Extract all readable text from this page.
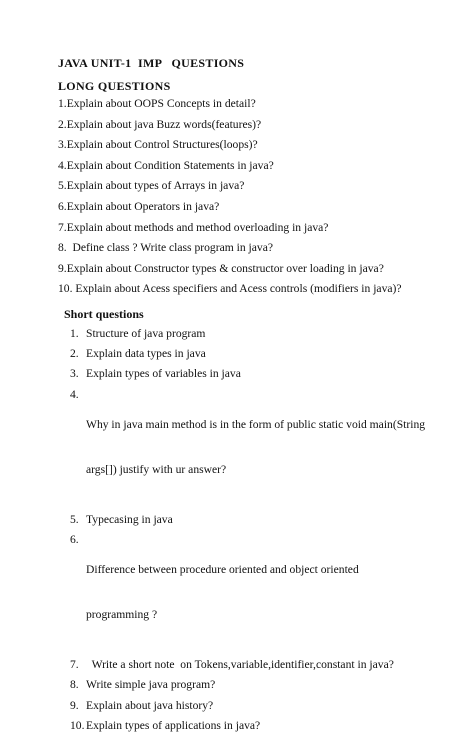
JAVA UNIT-1  IMP   QUESTIONS
LONG QUESTIONS
1.Explain about OOPS Concepts in detail?
2.Explain about java Buzz words(features)?
3.Explain about Control Structures(loops)?
4.Explain about Condition Statements in java?
5.Explain about types of Arrays in java?
6.Explain about Operators in java?
7.Explain about methods and method overloading in java?
8.  Define class ? Write class program in java?
9.Explain about Constructor types & constructor over loading in java?
10. Explain about Acess specifiers and Acess controls (modifiers in java)?
Short questions
1. Structure of java program
2. Explain data types in java
3. Explain types of variables in java
4.

Why in java main method is in the form of public static void main(String

args[]) justify with ur answer?

5. Typecasing in java
6.

Difference between procedure oriented and object oriented

programming ?

7. Write a short note  on Tokens,variable,identifier,constant in java?
8. Write simple java program?
9. Explain about java history?
10. Explain types of applications in java?
